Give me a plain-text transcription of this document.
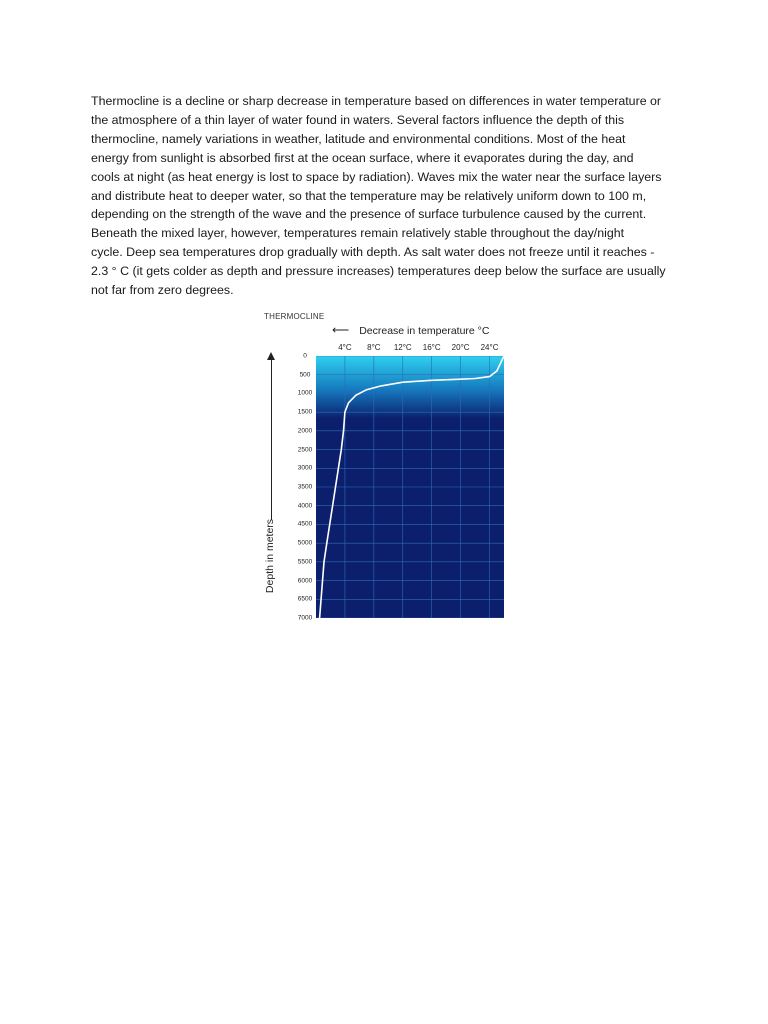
Thermocline is a decline or sharp decrease in temperature based on differences in water temperature or
the atmosphere of a thin layer of water found in waters. Several factors influence the depth of this
thermocline, namely variations in weather, latitude and environmental conditions. Most of the heat
energy from sunlight is absorbed first at the ocean surface, where it evaporates during the day, and
cools at night (as heat energy is lost to space by radiation). Waves mix the water near the surface layers
and distribute heat to deeper water, so that the temperature may be relatively uniform down to 100 m,
depending on the strength of the wave and the presence of surface turbulence caused by the current.
Beneath the mixed layer, however, temperatures remain relatively stable throughout the day/night
cycle. Deep sea temperatures drop gradually with depth. As salt water does not freeze until it reaches -
2.3 ° C (it gets colder as depth and pressure increases) temperatures deep below the surface are usually
not far from zero degrees.

THERMOCLINE
⟵ Decrease in temperature °C
4°C 8°C 12°C 16°C 20°C 24°C
0
500
1000
1500
2000
2500
3000
3500
4000
4500
5000
5500
6000
6500
7000
Depth in meters
